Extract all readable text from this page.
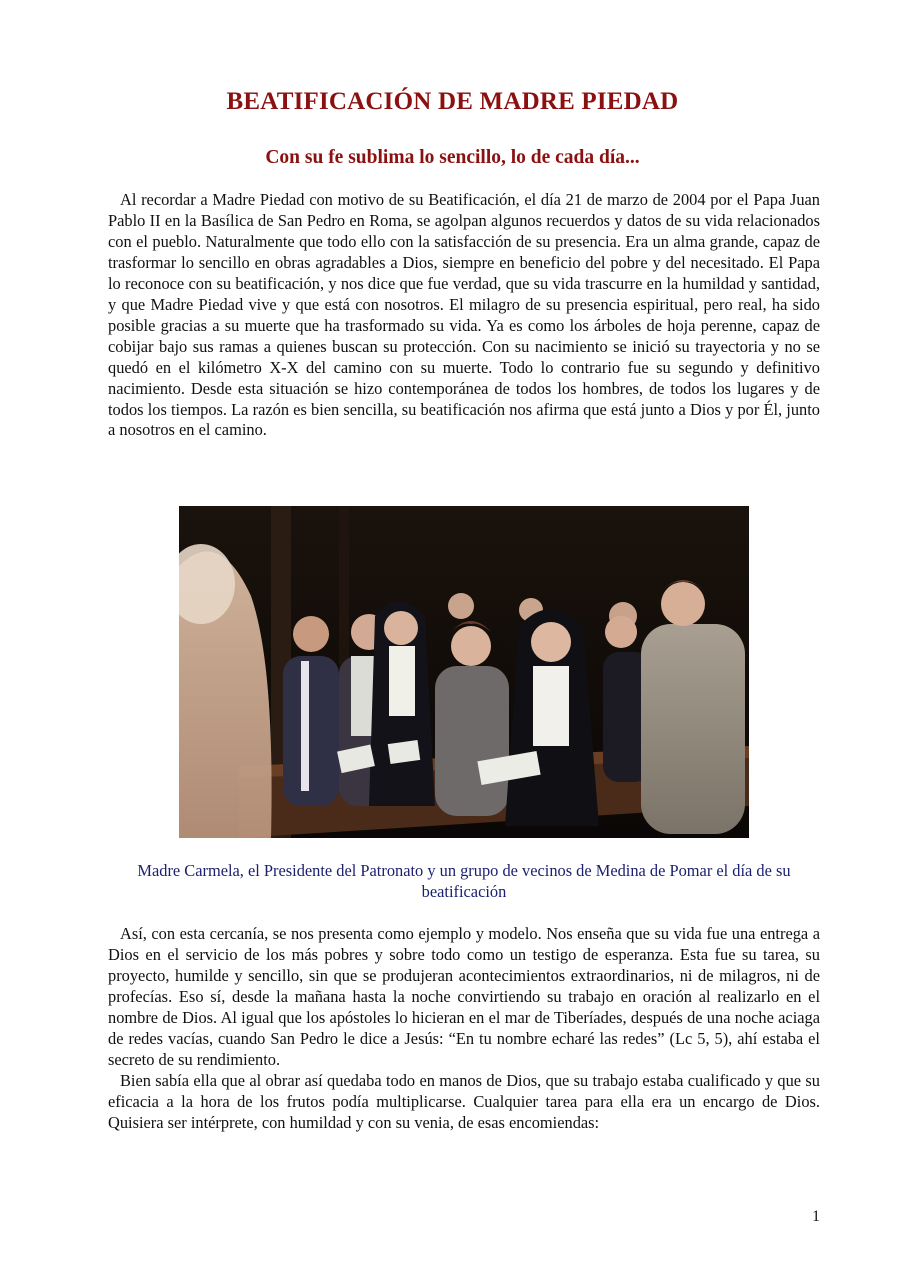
BEATIFICACIÓN DE MADRE PIEDAD
Con su fe sublima lo sencillo, lo de cada día...

Al recordar a Madre Piedad con motivo de su Beatificación, el día 21 de marzo de 2004 por el Papa Juan Pablo II en la Basílica de San Pedro en Roma, se agolpan algunos recuerdos y datos de su vida relacionados con el pueblo. Naturalmente que todo ello con la satisfacción de su presencia. Era un alma grande, capaz de trasformar lo sencillo en obras agradables a Dios, siempre en beneficio del pobre y del necesitado. El Papa lo reconoce con su beatificación, y nos dice que fue verdad, que su vida trascurre en la humildad y santidad, y que Madre Piedad vive y que está con nosotros. El milagro de su presencia espiritual, pero real, ha sido posible gracias a su muerte que ha trasformado su vida. Ya es como los árboles de hoja perenne, capaz de cobijar bajo sus ramas a quienes buscan su protección. Con su nacimiento se inició su trayectoria y no se quedó en el kilómetro X-X del camino con su muerte. Todo lo contrario fue su segundo y definitivo nacimiento. Desde esta situación se hizo contemporánea de todos los hombres, de todos los lugares y de todos los tiempos. La razón es bien sencilla, su beatificación nos afirma que está junto a Dios y por Él, junto a nosotros en el camino.

Madre Carmela, el Presidente del Patronato y un grupo de vecinos de Medina de Pomar el día de su beatificación

Así, con esta cercanía, se nos presenta como ejemplo y modelo. Nos enseña que su vida fue una entrega a Dios en el servicio de los más pobres y sobre todo como un testigo de esperanza. Esta fue su tarea, su proyecto, humilde y sencillo, sin que se produjeran acontecimientos extraordinarios, ni de milagros, ni de profecías. Eso sí, desde la mañana hasta la noche convirtiendo su trabajo en oración al realizarlo en el nombre de Dios. Al igual que los apóstoles lo hicieran en el mar de Tiberíades, después de una noche aciaga de redes vacías, cuando San Pedro le dice a Jesús: “En tu nombre echaré las redes” (Lc 5, 5), ahí estaba el secreto de su rendimiento.

Bien sabía ella que al obrar así quedaba todo en manos de Dios, que su trabajo estaba cualificado y que su eficacia a la hora de los frutos podía multiplicarse. Cualquier tarea para ella era un encargo de Dios. Quisiera ser intérprete, con humildad y con su venia, de esas encomiendas:

1
